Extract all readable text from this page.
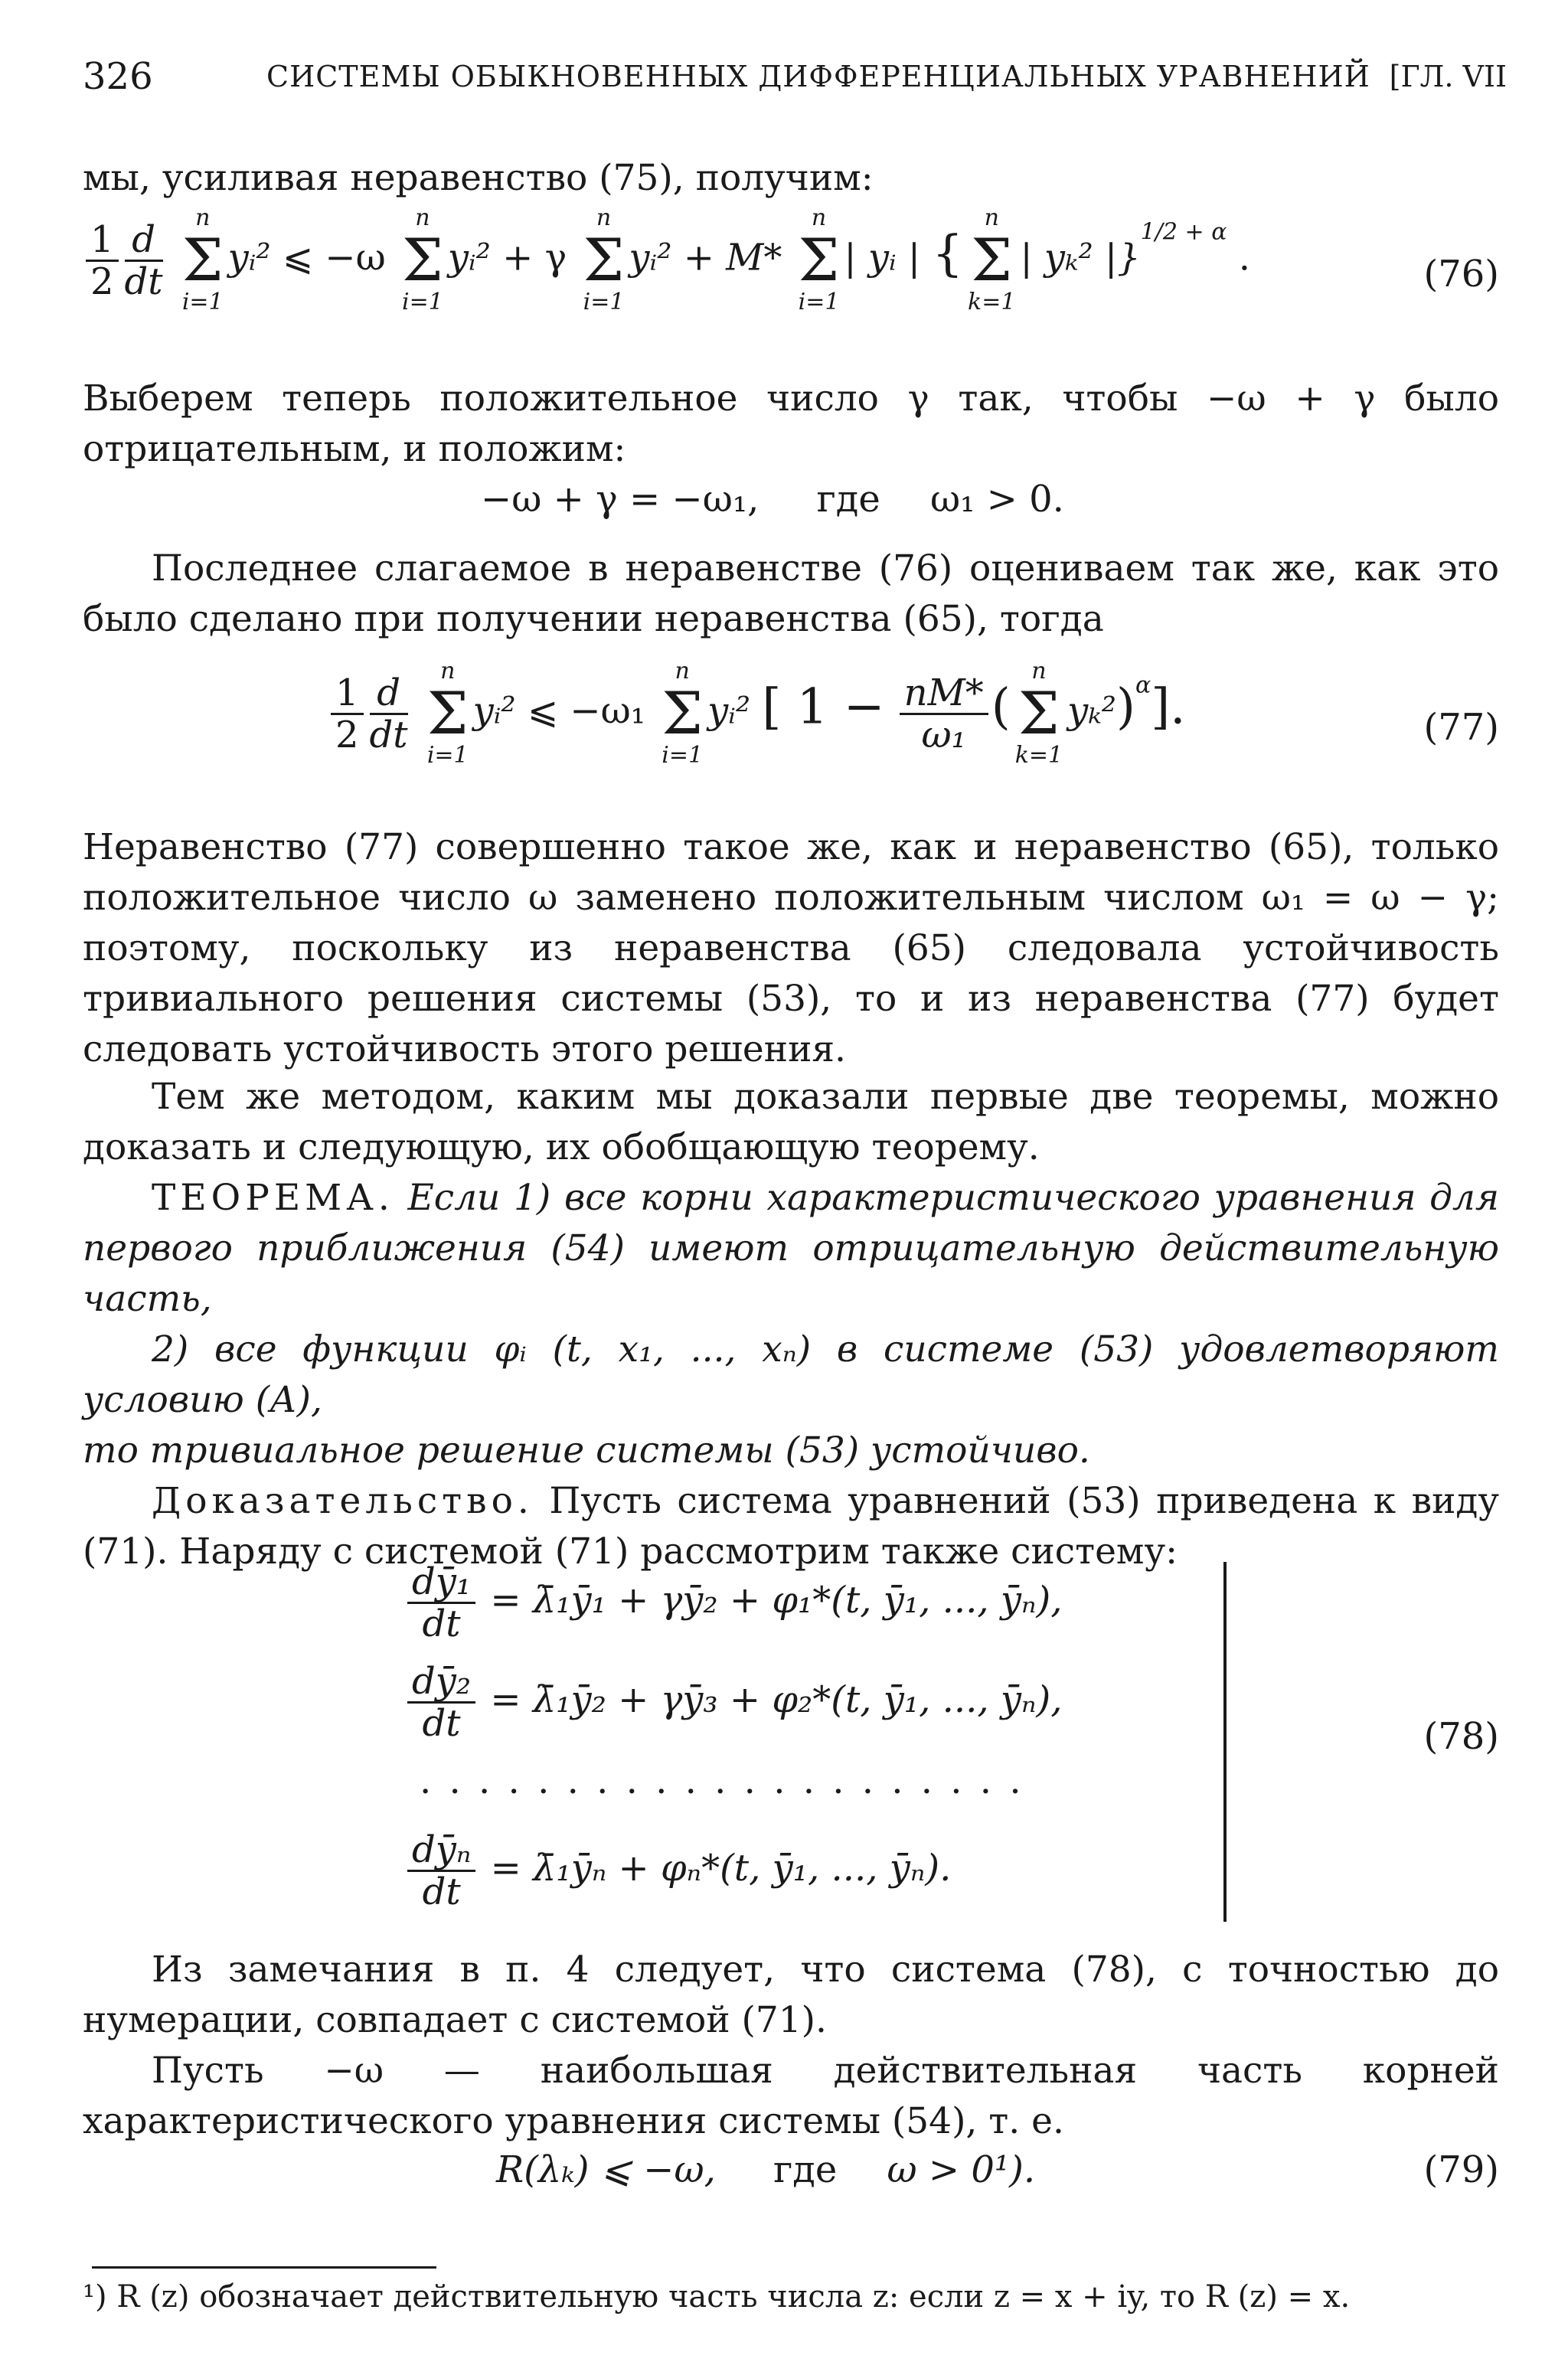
326	СИСТЕМЫ ОБЫКНОВЕННЫХ ДИФФЕРЕНЦИАЛЬНЫХ УРАВНЕНИЙ [ГЛ. VII
мы, усиливая неравенство (75), получим:
$\frac{1}{2} \frac{d}{dt}$

n
Σ
i=1
yᵢ² ⩽ −ω
n
Σ
i=1
yᵢ² + γ
n
Σ
i=1
yᵢ² + M*
n
Σ
i=1
| yᵢ | {
n
Σ
k=1
| yₖ² |}$^{1/2 + \alpha}$ .	(76)
Выберем теперь положительное число γ так, чтобы −ω + γ было отрицательным, и положим:
−ω + γ = −ω₁, где ω₁ > 0.
Последнее слагаемое в неравенстве (76) оцениваем так же, как это было сделано при получении неравенства (65), тогда
$\frac{1}{2} \frac{d}{dt}$

n
Σ
i=1
yᵢ² ⩽ −ω₁
n
Σ
i=1
yᵢ² [ $1 - \frac{nM*}{\text{ω₁}}$ (
n
Σ
k=1
yₖ²)$^\alpha$].	(77)
Неравенство (77) совершенно такое же, как и неравенство (65), только положительное число ω заменено положительным числом ω₁ = ω − γ; поэтому, поскольку из неравенства (65) следовала устойчивость тривиального решения системы (53), то и из неравенства (77) будет следовать устойчивость этого решения.
Тем же методом, каким мы доказали первые две теоремы, можно доказать и следующую, их обобщающую теорему.
ТЕОРЕМА. Если 1) все корни характеристического уравнения для первого приближения (54) имеют отрицательную действительную часть,
2) все функции φᵢ (t, x₁, ..., xₙ) в системе (53) удовлетворяют условию (А),
то тривиальное решение системы (53) устойчиво.
Доказательство. Пусть система уравнений (53) приведена к виду (71). Наряду с системой (71) рассмотрим также систему:
$\frac{\text{dȳ₁}}{dt}$ = λ̄₁ȳ₁ + γȳ₂ + φ₁*(t, ȳ₁, ..., ȳₙ),
$\frac{\text{dȳ₂}}{dt}$ = λ̄₁ȳ₂ + γȳ₃ + φ₂*(t, ȳ₁, ..., ȳₙ),
. . . . . . . . . . . . . . . . . . . . .
$\frac{\text{dȳₙ}}{dt}$ = λ̄₁ȳₙ + φₙ*(t, ȳ₁, ..., ȳₙ).
(78)
Из замечания в п. 4 следует, что система (78), с точностью до нумерации, совпадает с системой (71).
Пусть −ω — наибольшая действительная часть корней характеристического уравнения системы (54), т. е.
R(λₖ) ⩽ −ω, где ω > 0¹).	(79)
¹) R (z) обозначает действительную часть числа z: если z = x + iy, то R (z) = x.
